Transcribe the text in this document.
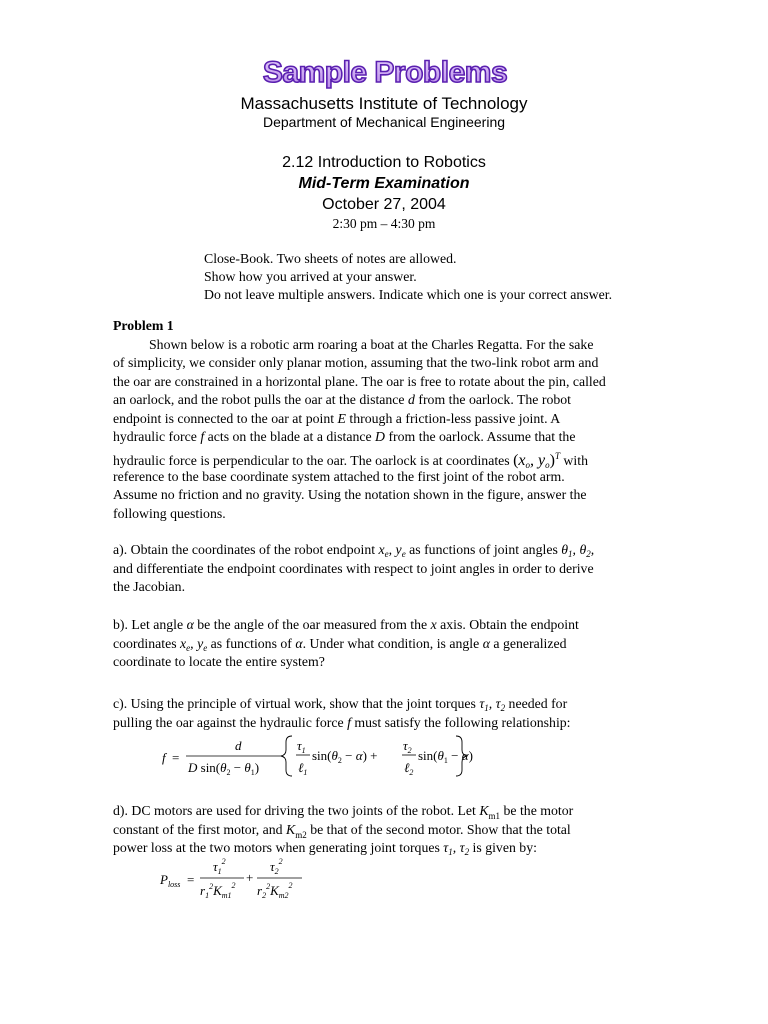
Sample Problems
Massachusetts Institute of Technology
Department of Mechanical Engineering
2.12 Introduction to Robotics
Mid-Term Examination
October 27, 2004
2:30 pm – 4:30 pm
Close-Book. Two sheets of notes are allowed.
Show how you arrived at your answer.
Do not leave multiple answers. Indicate which one is your correct answer.
Problem 1
Shown below is a robotic arm roaring a boat at the Charles Regatta. For the sake
of simplicity, we consider only planar motion, assuming that the two-link robot arm and
the oar are constrained in a horizontal plane. The oar is free to rotate about the pin, called
an oarlock, and the robot pulls the oar at the distance d from the oarlock. The robot
endpoint is connected to the oar at point E through a friction-less passive joint. A
hydraulic force f acts on the blade at a distance D from the oarlock. Assume that the
hydraulic force is perpendicular to the oar. The oarlock is at coordinates ($x_o$, $y_o)^T$ with
reference to the base coordinate system attached to the first joint of the robot arm.
Assume no friction and no gravity. Using the notation shown in the figure, answer the
following questions.
a). Obtain the coordinates of the robot endpoint $x_e$, $y_e$ as functions of joint angles $\theta_1$, $\theta_2$,
and differentiate the endpoint coordinates with respect to joint angles in order to derive
the Jacobian.
b). Let angle α be the angle of the oar measured from the x axis. Obtain the endpoint
coordinates $x_e$, $y_e$ as functions of α. Under what condition, is angle α a generalized
coordinate to locate the entire system?
c). Using the principle of virtual work, show that the joint torques $\tau_1$, $\tau_2$ needed for
pulling the oar against the hydraulic force f must satisfy the following relationship:
f =
d
D $\sin(\theta_2 - \theta_1)$
$\tau_1$
ℓ$_1$
$\sin(\theta_2 - \alpha)$ +
$\tau_2$
ℓ$_2$
$\sin(\theta_1 - \alpha)$
d). DC motors are used for driving the two joints of the robot. Let $K_{m1}$ be the motor
constant of the first motor, and $K_{m2}$ be that of the second motor. Show that the total
power loss at the two motors when generating joint torques $\tau_1$, $\tau_2$ is given by:
$P_{loss}$ =
$\tau_1^2$
$r_1^2K_{m1}^2$
+
$\tau_2^2$
$r_2^2K_{m2}^2$
